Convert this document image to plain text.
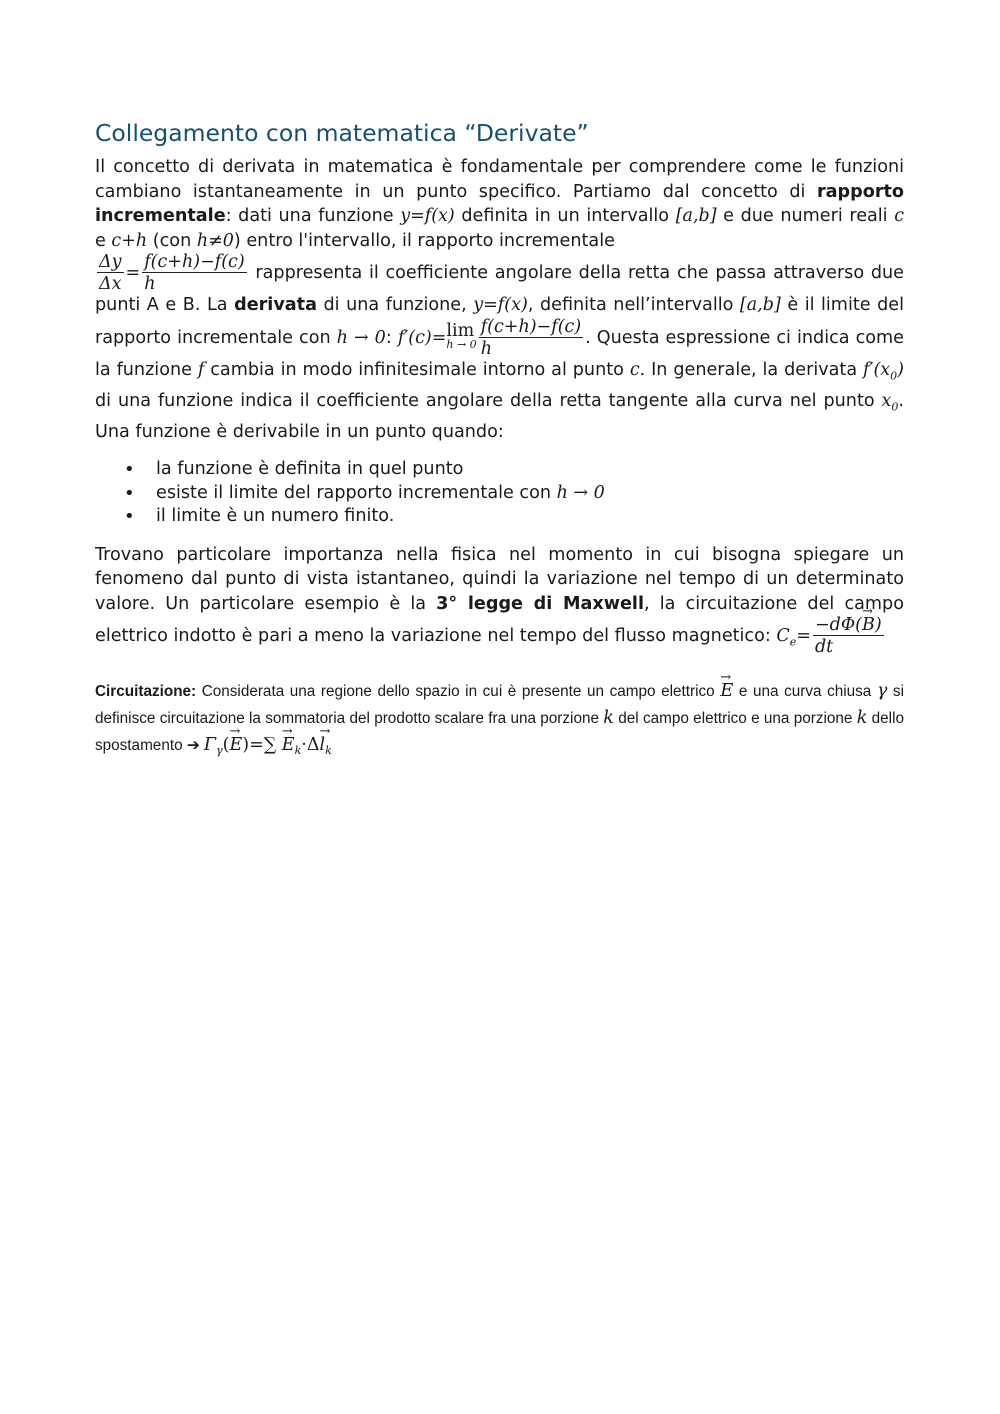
Collegamento con matematica “Derivate”

Il concetto di derivata in matematica è fondamentale per comprendere come le funzioni cambiano istantaneamente in un punto specifico. Partiamo dal concetto di rapporto incrementale: dati una funzione y=f(x) definita in un intervallo [a,b] e due numeri reali c e c+h (con h≠0) entro l'intervallo, il rapporto incrementale

$\frac{\Delta y}{\Delta x} = \frac{f(c+h)-f(c)}{h}$ rappresenta il coefficiente angolare della retta che passa attraverso due punti A e B. La derivata di una funzione, y=f(x), definita nell’intervallo [a,b] è il limite del rapporto incrementale con h → 0: f′(c)=lim
$h \to 0 \frac{f(c+h)-f(c)}{h}$ . Questa espressione ci indica come la funzione f cambia in modo infinitesimale intorno al punto c. In generale, la derivata $f'(x_0)$ di una funzione indica il coefficiente angolare della retta tangente alla curva nel punto $x_0$. Una funzione è derivabile in un punto quando:

• la funzione è definita in quel punto
• esiste il limite del rapporto incrementale con h → 0
• il limite è un numero finito.

Trovano particolare importanza nella fisica nel momento in cui bisogna spiegare un fenomeno dal punto di vista istantaneo, quindi la variazione nel tempo di un determinato valore. Un particolare esempio è la 3° legge di Maxwell, la circuitazione del campo elettrico indotto è pari a meno la variazione nel tempo del flusso magnetico: $C_e= \frac{-d\Phi(\to B)}{dt}$

Circuitazione: Considerata una regione dello spazio in cui è presente un campo elettrico → E e una curva chiusa γ si definisce circuitazione la sommatoria del prodotto scalare fra una porzione k del campo elettrico e una porzione k dello spostamento ➔ $\Gamma_\gamma(\to E)=\sum \to E_k\cdot\Delta\to l_k$
